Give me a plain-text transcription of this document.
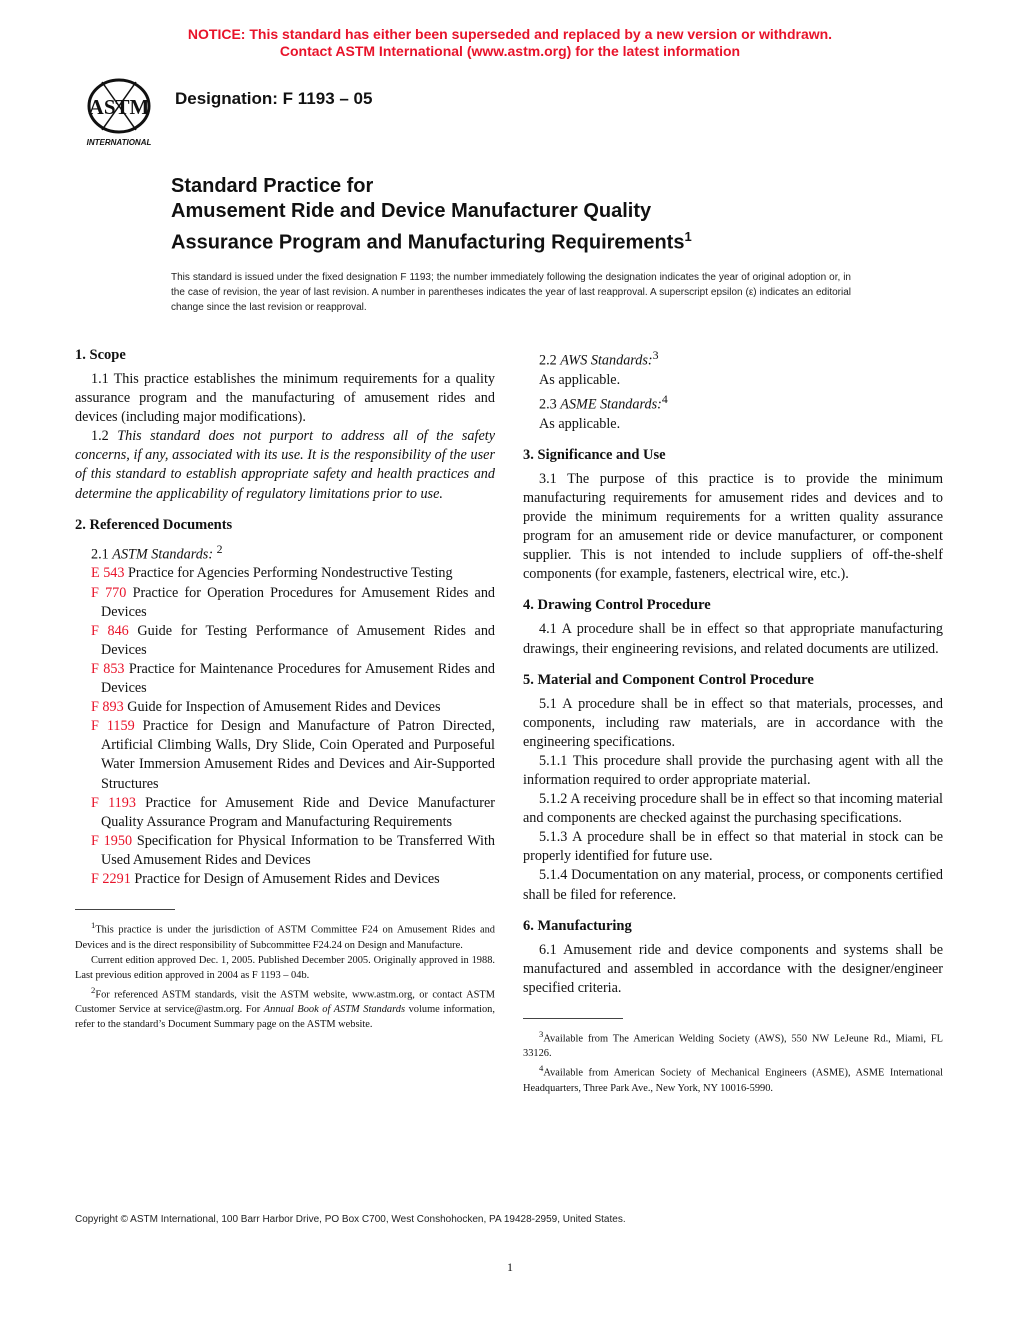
NOTICE: This standard has either been superseded and replaced by a new version or withdrawn.
Contact ASTM International (www.astm.org) for the latest information
ASTM
INTERNATIONAL
Designation: F 1193 – 05
Standard Practice for
Amusement Ride and Device Manufacturer Quality
Assurance Program and Manufacturing Requirements$^1$
This standard is issued under the fixed designation F 1193; the number immediately following the designation indicates the year of original adoption or, in the case of revision, the year of last revision. A number in parentheses indicates the year of last reapproval. A superscript epsilon (ε) indicates an editorial change since the last revision or reapproval.
1. Scope

1.1 This practice establishes the minimum requirements for a quality assurance program and the manufacturing of amusement rides and devices (including major modifications).

1.2 This standard does not purport to address all of the safety concerns, if any, associated with its use. It is the responsibility of the user of this standard to establish appropriate safety and health practices and determine the applicability of regulatory limitations prior to use.

2. Referenced Documents
2.1 ASTM Standards: $^2$
E 543 Practice for Agencies Performing Nondestructive Testing
F 770 Practice for Operation Procedures for Amusement Rides and Devices
F 846 Guide for Testing Performance of Amusement Rides and Devices
F 853 Practice for Maintenance Procedures for Amusement Rides and Devices
F 893 Guide for Inspection of Amusement Rides and Devices
F 1159 Practice for Design and Manufacture of Patron Directed, Artificial Climbing Walls, Dry Slide, Coin Operated and Purposeful Water Immersion Amusement Rides and Devices and Air-Supported Structures
F 1193 Practice for Amusement Ride and Device Manufacturer Quality Assurance Program and Manufacturing Requirements
F 1950 Specification for Physical Information to be Transferred With Used Amusement Rides and Devices
F 2291 Practice for Design of Amusement Rides and Devices

$^1$This practice is under the jurisdiction of ASTM Committee F24 on Amusement Rides and Devices and is the direct responsibility of Subcommittee F24.24 on Design and Manufacture.

Current edition approved Dec. 1, 2005. Published December 2005. Originally approved in 1988. Last previous edition approved in 2004 as F 1193 – 04b.

$^2$For referenced ASTM standards, visit the ASTM website, www.astm.org, or contact ASTM Customer Service at service@astm.org. For Annual Book of ASTM Standards volume information, refer to the standard’s Document Summary page on the ASTM website.

2.2 AWS Standards:$^3$
As applicable.
2.3 ASME Standards:$^4$
As applicable.
3. Significance and Use

3.1 The purpose of this practice is to provide the minimum manufacturing requirements for amusement rides and devices and to provide the minimum requirements for a written quality assurance program for an amusement ride or device manufacturer, or component supplier. This is not intended to include suppliers of off-the-shelf components (for example, fasteners, electrical wire, etc.).

4. Drawing Control Procedure

4.1 A procedure shall be in effect so that appropriate manufacturing drawings, their engineering revisions, and related documents are utilized.

5. Material and Component Control Procedure

5.1 A procedure shall be in effect so that materials, processes, and components, including raw materials, are in accordance with the engineering specifications.

5.1.1 This procedure shall provide the purchasing agent with all the information required to order appropriate material.

5.1.2 A receiving procedure shall be in effect so that incoming material and components are checked against the purchasing specifications.

5.1.3 A procedure shall be in effect so that material in stock can be properly identified for future use.

5.1.4 Documentation on any material, process, or components certified shall be filed for reference.

6. Manufacturing

6.1 Amusement ride and device components and systems shall be manufactured and assembled in accordance with the designer/engineer specified criteria.

$^3$Available from The American Welding Society (AWS), 550 NW LeJeune Rd., Miami, FL 33126.

$^4$Available from American Society of Mechanical Engineers (ASME), ASME International Headquarters, Three Park Ave., New York, NY 10016-5990.

Copyright © ASTM International, 100 Barr Harbor Drive, PO Box C700, West Conshohocken, PA 19428-2959, United States.
1
